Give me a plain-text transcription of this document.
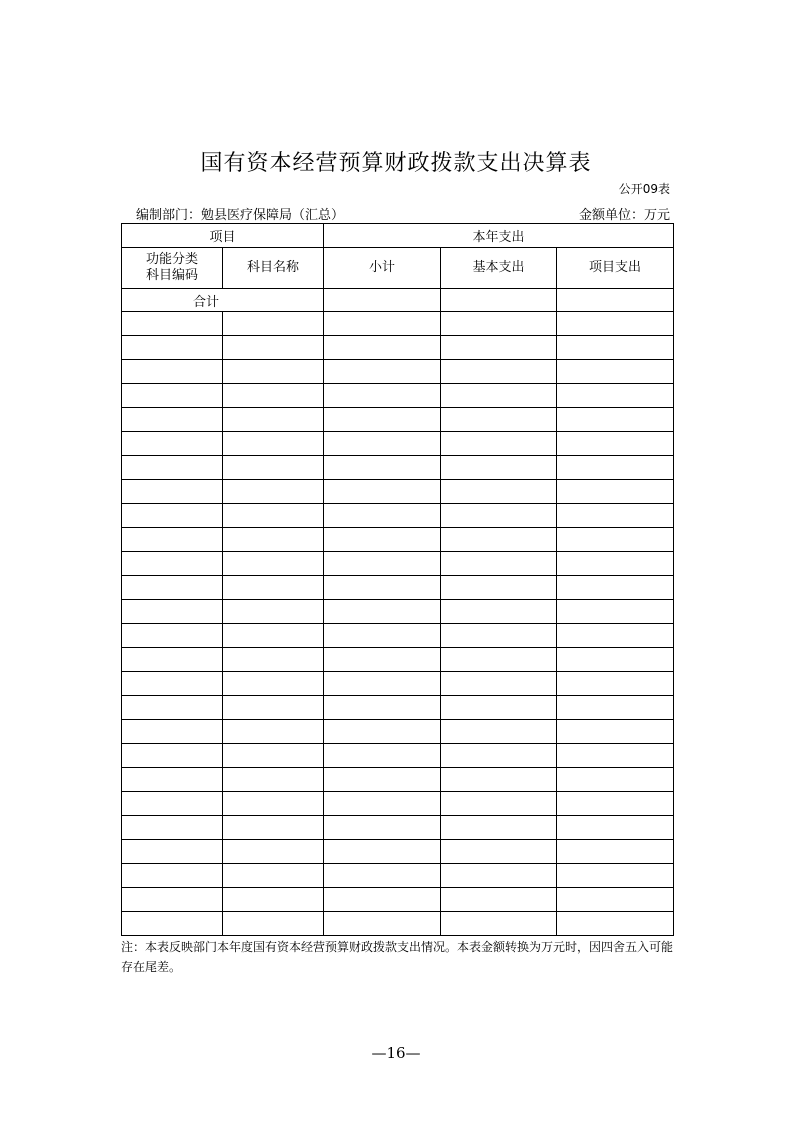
国有资本经营预算财政拨款支出决算表
公开09表
编制部门：勉县医疗保障局（汇总）	金额单位：万元
项目		本年支出		
功能分类科目编码	科目名称	小计	基本支出	项目支出
合计				

注：本表反映部门本年度国有资本经营预算财政拨款支出情况。本表金额转换为万元时，因四舍五入可能存在尾差。
—16—
